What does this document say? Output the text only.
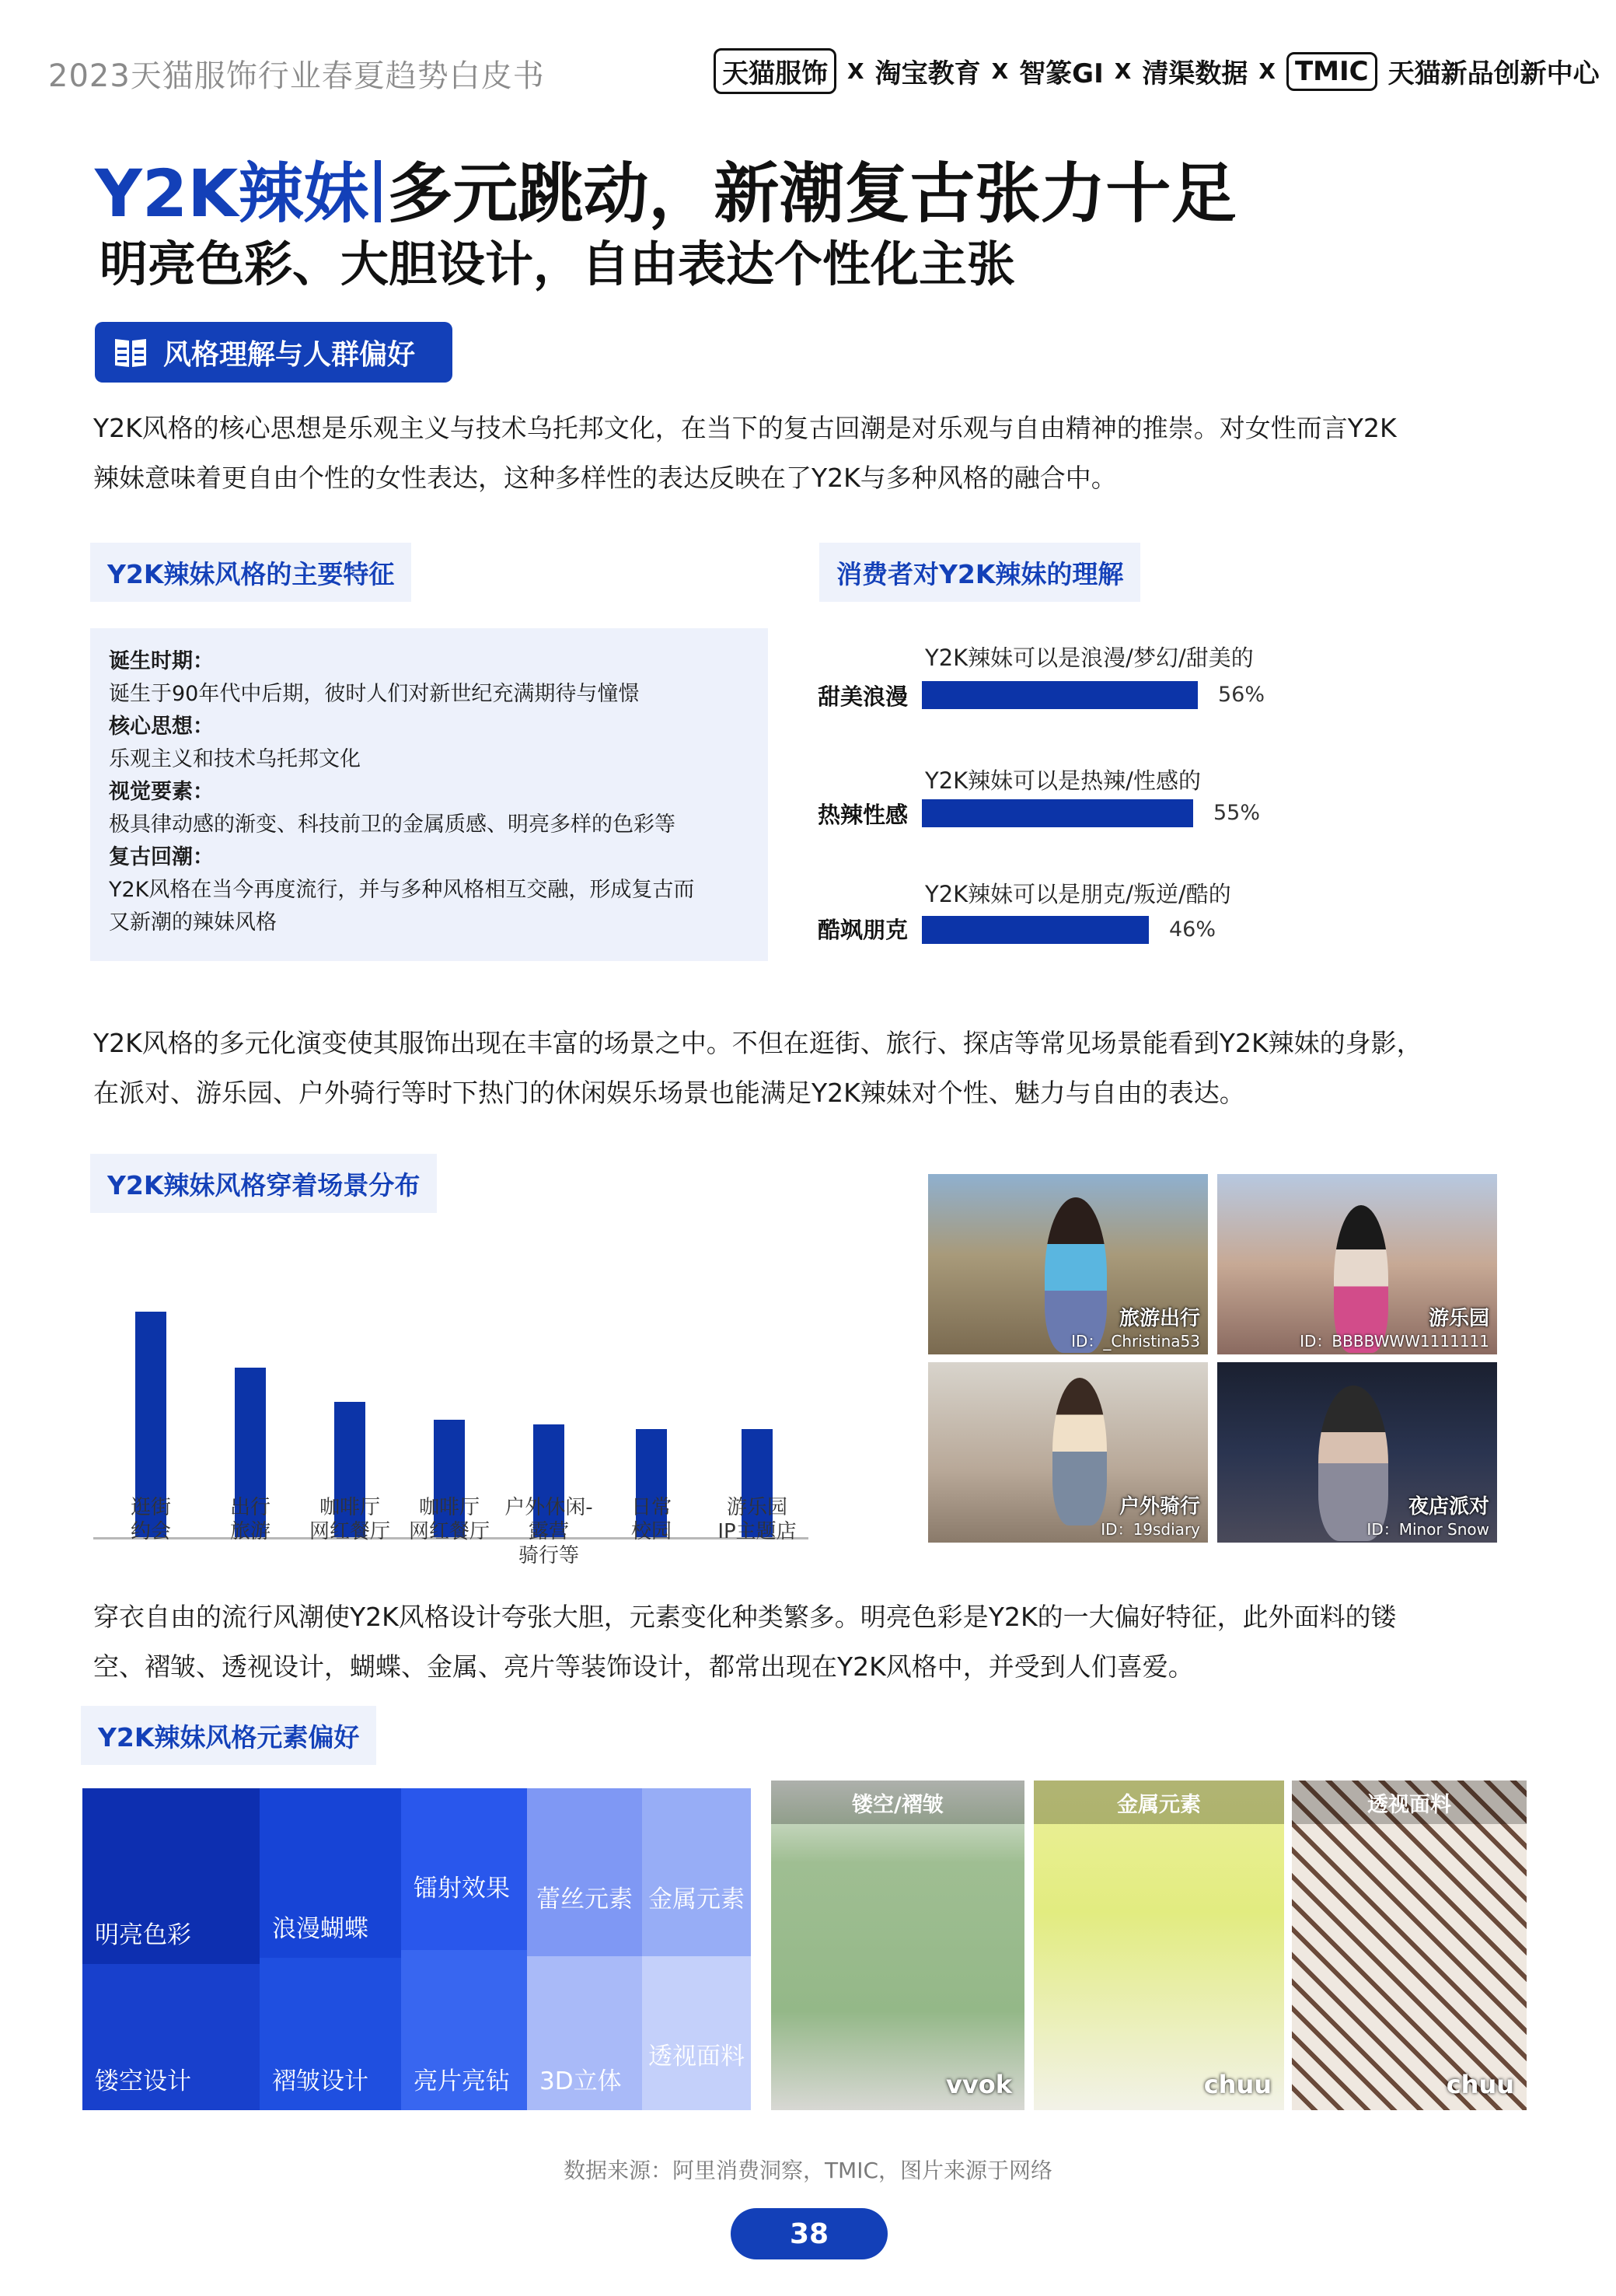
2023天猫服饰行业春夏趋势白皮书	天猫服饰 X 淘宝教育 X 智篆GI X 清渠数据 X TMIC 天猫新品创新中心
Y2K辣妹 多元跳动，新潮复古张力十足
明亮色彩、大胆设计，自由表达个性化主张
风格理解与人群偏好
Y2K风格的核心思想是乐观主义与技术乌托邦文化，在当下的复古回潮是对乐观与自由精神的推崇。对女性而言Y2K
辣妹意味着更自由个性的女性表达，这种多样性的表达反映在了Y2K与多种风格的融合中。
Y2K辣妹风格的主要特征
诞生时期：
诞生于90年代中后期，彼时人们对新世纪充满期待与憧憬
核心思想：
乐观主义和技术乌托邦文化
视觉要素：
极具律动感的渐变、科技前卫的金属质感、明亮多样的色彩等
复古回潮：
Y2K风格在当今再度流行，并与多种风格相互交融，形成复古而
又新潮的辣妹风格
消费者对Y2K辣妹的理解
Y2K辣妹可以是浪漫/梦幻/甜美的
甜美浪漫	56%
Y2K辣妹可以是热辣/性感的
热辣性感	55%
Y2K辣妹可以是朋克/叛逆/酷的
酷飒朋克	46%
Y2K风格的多元化演变使其服饰出现在丰富的场景之中。不但在逛街、旅行、探店等常见场景能看到Y2K辣妹的身影，
在派对、游乐园、户外骑行等时下热门的休闲娱乐场景也能满足Y2K辣妹对个性、魅力与自由的表达。
Y2K辣妹风格穿着场景分布
逛街
约会
出行
旅游
咖啡厅
网红餐厅
咖啡厅
网红餐厅
户外休闲-露营
骑行等
日常
校园
游乐园
IP主题店
旅游出行
ID：_Christina53
游乐园
ID：BBBBWWW1111111
户外骑行
ID：19sdiary
夜店派对
ID：Minor Snow
穿衣自由的流行风潮使Y2K风格设计夸张大胆，元素变化种类繁多。明亮色彩是Y2K的一大偏好特征，此外面料的镂
空、褶皱、透视设计，蝴蝶、金属、亮片等装饰设计，都常出现在Y2K风格中，并受到人们喜爱。
Y2K辣妹风格元素偏好
明亮色彩
镂空设计
浪漫蝴蝶
褶皱设计
镭射效果
亮片亮钻
蕾丝元素
3D立体
金属元素
透视面料
镂空/褶皱
vvok
金属元素
chuu
透视面料
chuu
数据来源：阿里消费洞察，TMIC，图片来源于网络
38
